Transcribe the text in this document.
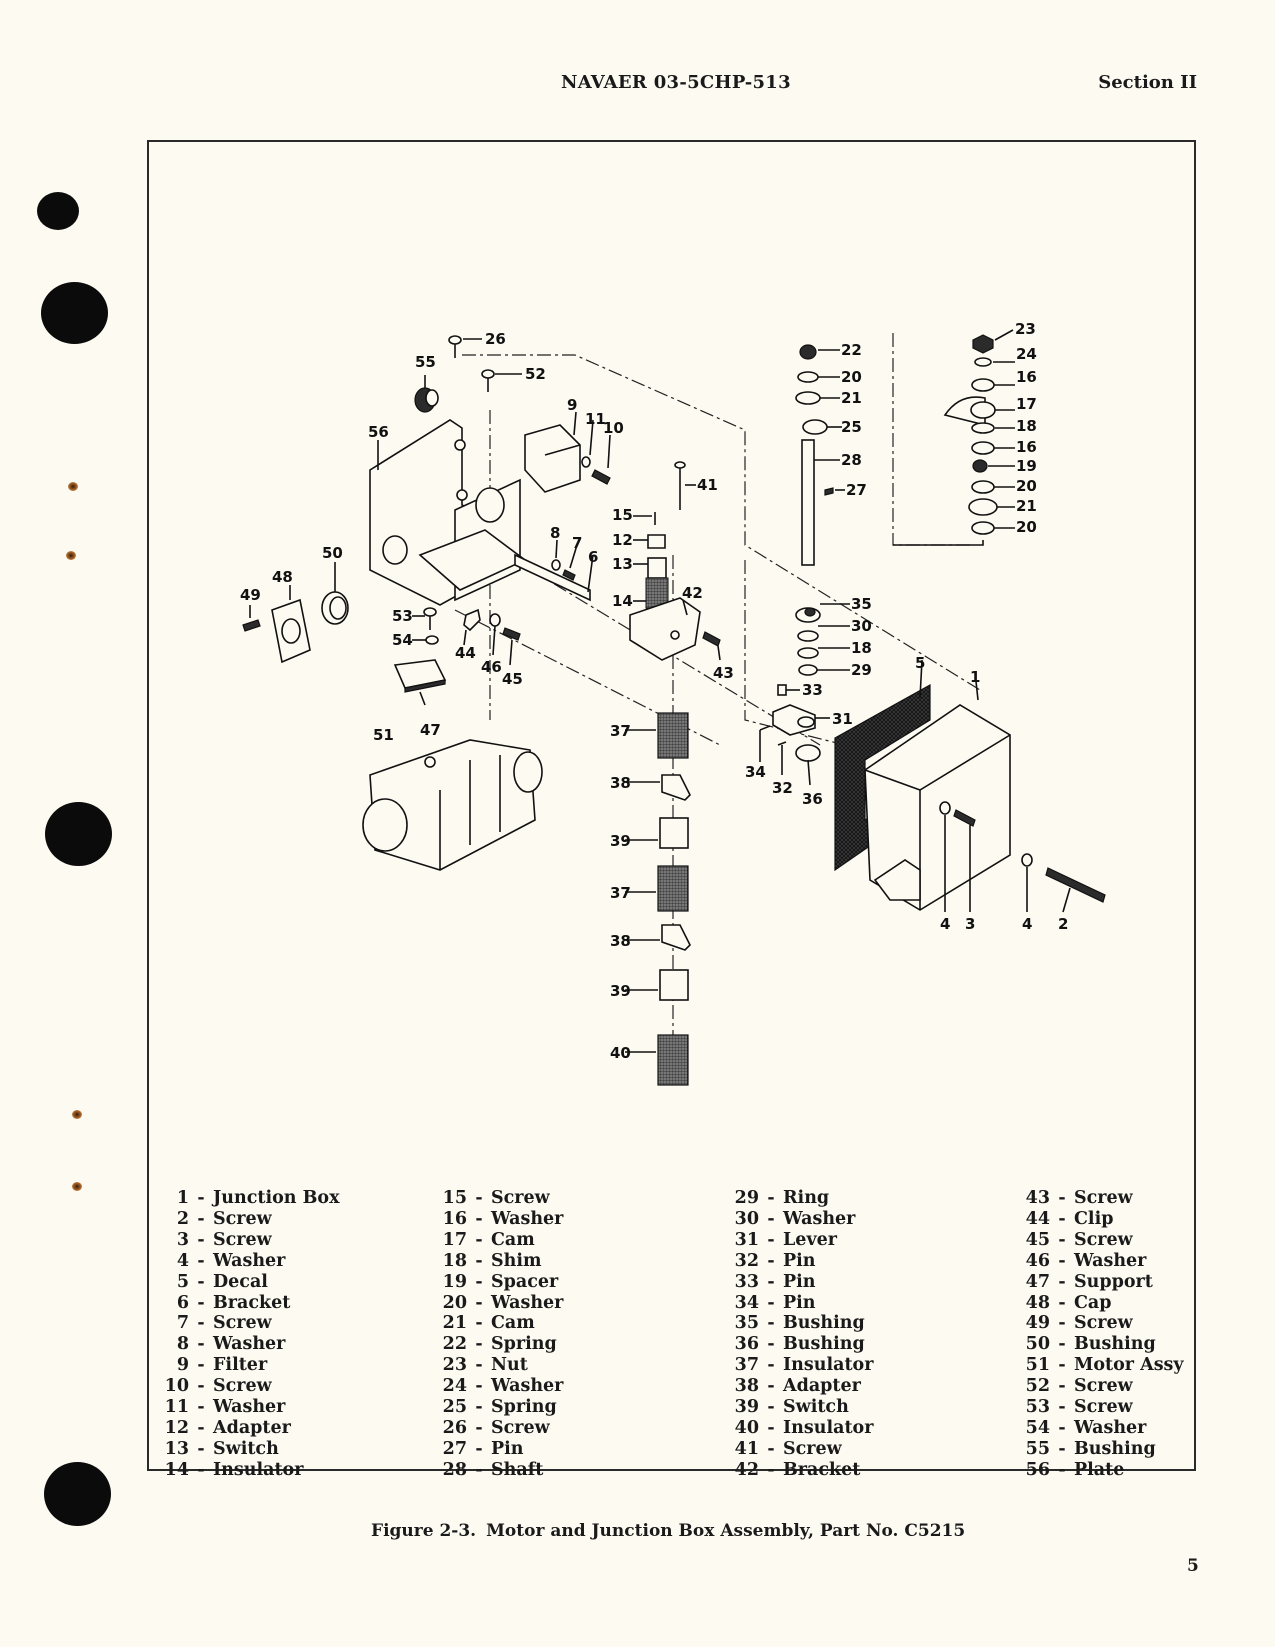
NAVAER 03-5CHP-513	Section II
26
52
55
56
9
11
10
41
15
12
13
14
8
7
6
42
43
50
48
49
53
54
44
46
45
47
51
22
20
21
25
28
27
23
24
16
17
18
16
19
20
21
20
35
30
18
29
33
31
34
32
36
5
1
4 3	4 2
37
38
39
37
38
39
40
1 - Junction Box
2 - Screw
3 - Screw
4 - Washer
5 - Decal
6 - Bracket
7 - Screw
8 - Washer
9 - Filter
10 - Screw
11 - Washer
12 - Adapter
13 - Switch
14 - Insulator
15 - Screw
16 - Washer
17 - Cam
18 - Shim
19 - Spacer
20 - Washer
21 - Cam
22 - Spring
23 - Nut
24 - Washer
25 - Spring
26 - Screw
27 - Pin
28 - Shaft
29 - Ring
30 - Washer
31 - Lever
32 - Pin
33 - Pin
34 - Pin
35 - Bushing
36 - Bushing
37 - Insulator
38 - Adapter
39 - Switch
40 - Insulator
41 - Screw
42 - Bracket
43 - Screw
44 - Clip
45 - Screw
46 - Washer
47 - Support
48 - Cap
49 - Screw
50 - Bushing
51 - Motor Assy
52 - Screw
53 - Screw
54 - Washer
55 - Bushing
56 - Plate
Figure 2-3. Motor and Junction Box Assembly, Part No. C5215
5
